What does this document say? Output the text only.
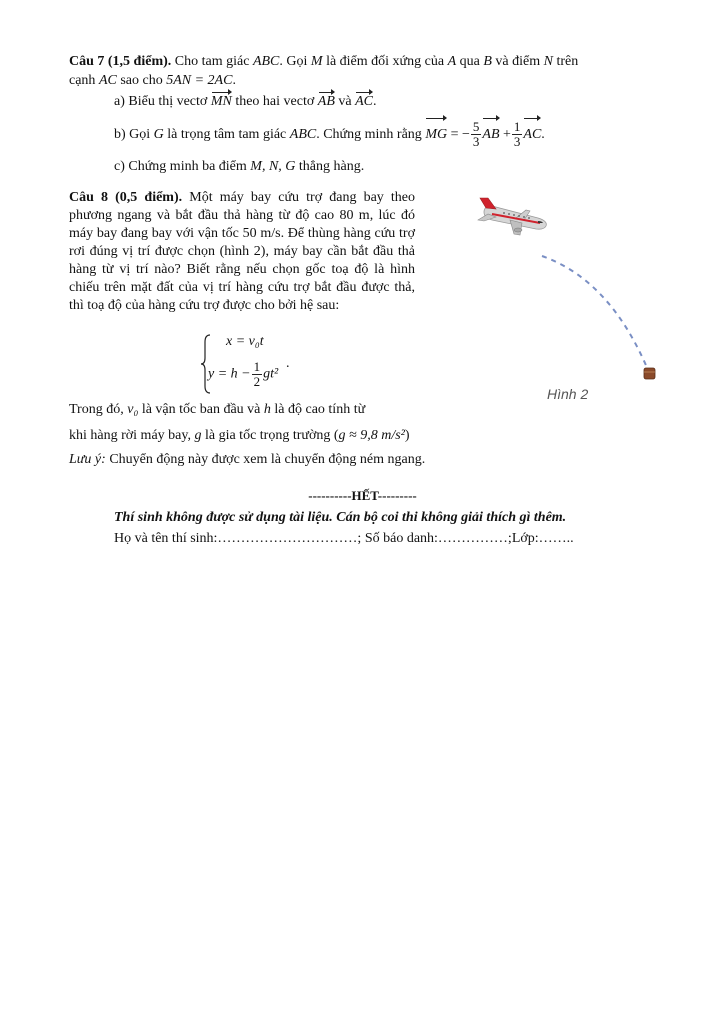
Câu 7 (1,5 điểm). Cho tam giác ABC. Gọi M là điểm đối xứng của A qua B và điểm N trên
cạnh AC sao cho 5AN = 2AC.
a) Biểu thị vectơ MN theo hai vectơ AB và AC.
b) Gọi G là trọng tâm tam giác ABC. Chứng minh rằng MG = − $\frac{5}{3}$ AB + $\frac{1}{3}$ AC.
c) Chứng minh ba điểm M, N, G thẳng hàng.
Câu 8 (0,5 điểm). Một máy bay cứu trợ đang bay theo phương ngang và bắt đầu thả hàng từ độ cao 80 m, lúc đó máy bay đang bay với vận tốc 50 m/s. Để thùng hàng cứu trợ rơi đúng vị trí được chọn (hình 2), máy bay cần bắt đầu thả hàng từ vị trí nào? Biết rằng nếu chọn gốc toạ độ là hình chiếu trên mặt đất của vị trí hàng cứu trợ bắt đầu được thả, thì toạ độ của hàng cứu trợ được cho bởi hệ sau:
x = v₀t
$y = h - \frac{1}{2} gt^2$
.
Trong đó, v₀ là vận tốc ban đầu và h là độ cao tính từ
khi hàng rời máy bay, g là gia tốc trọng trường (g ≈ 9,8 m/s²)
Lưu ý: Chuyển động này được xem là chuyển động ném ngang.
Hình 2
----------HẾT---------
Thí sinh không được sử dụng tài liệu. Cán bộ coi thi không giải thích gì thêm.
Họ và tên thí sinh:…………………………; Số báo danh:……………;Lớp:……..
